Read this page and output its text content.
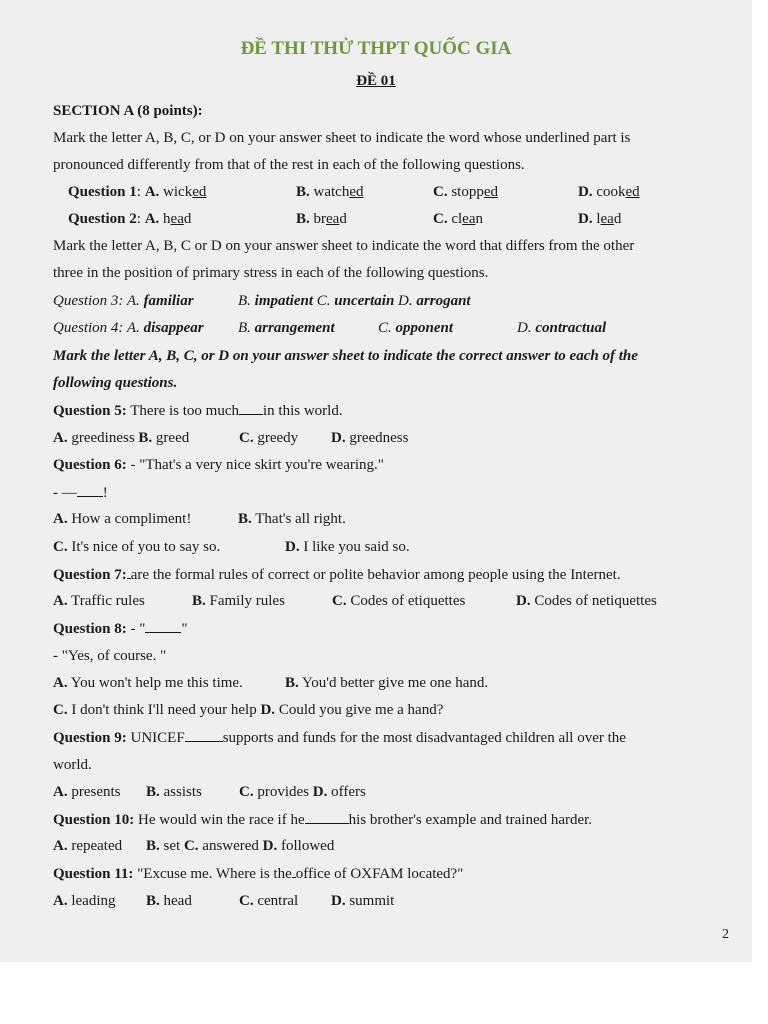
ĐỀ THI THỬ THPT QUỐC GIA
ĐỀ 01
SECTION A (8 points):
Mark the letter A, B, C, or D on your answer sheet to indicate the word whose underlined part is
pronounced differently from that of the rest in each of the following questions.
Question 1: A. wicked	B. watched	C. stopped	D. cooked
Question 2: A. head	B. bread	C. clean	D. lead
Mark the letter A, B, C or D on your answer sheet to indicate the word that differs from the other
three in the position of primary stress in each of the following questions.
Question 3: A. familiar	B. impatient C. uncertain D. arrogant
Question 4: A. disappear B. arrangement	C. opponent	D. contractual
Mark the letter A, B, C, or D on your answer sheet to indicate the correct answer to each of the
following questions.
Question 5: There is too much in this world.
A. greediness B. greed	C. greedy D. greedness
Question 6: - "That's a very nice skirt you're wearing."
- — !
A. How a compliment!	B. That's all right.
C. It's nice of you to say so.	D. I like you said so.
Question 7: are the formal rules of correct or polite behavior among people using the Internet.
A. Traffic rules	B. Family rules	C. Codes of etiquettes	D. Codes of netiquettes
Question 8: - " "
- "Yes, of course. "
A. You won't help me this time.	B. You'd better give me one hand.
C. I don't think I'll need your help D. Could you give me a hand?
Question 9: UNICEF	supports and funds for the most disadvantaged children all over the
world.
A. presents B. assists C. provides D. offers
Question 10: He would win the race if he	his brother's example and trained harder.
A. repeated B. set C. answered D. followed
Question 11: "Excuse me. Where is the office of OXFAM located?"
A. leading B. head	C. central D. summit
2
